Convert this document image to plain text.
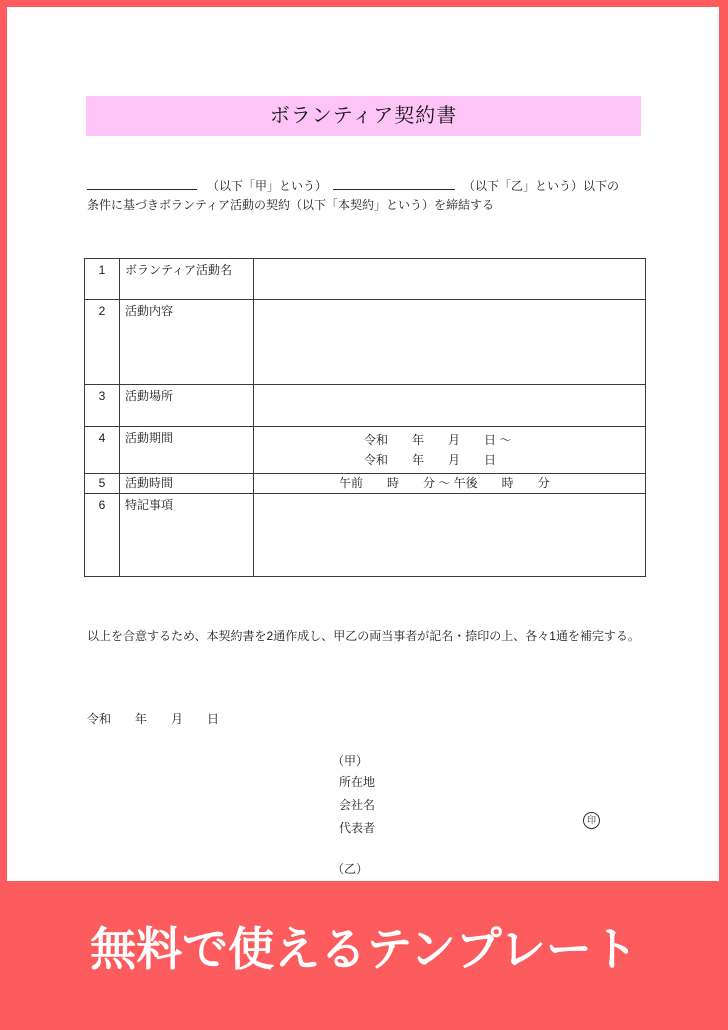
ボランティア契約書
（以下「甲」という）	（以下「乙」という）以下の
条件に基づきボランティア活動の契約（以下「本契約」という）を締結する
1	ボランティア活動名	
2	活動内容	
3	活動場所	
4	活動期間	令和　　年　　月　　日 ～
令和　　年　　月　　日

5	活動時間	午前　　時　　分 ～ 午後　　時　　分
6	特記事項	
以上を合意するため、本契約書を2通作成し、甲乙の両当事者が記名・捺印の上、各々1通を補完する。
令和　　年　　月　　日
（甲）
所在地
会社名
代表者
（乙）
印
無料で使えるテンプレート
